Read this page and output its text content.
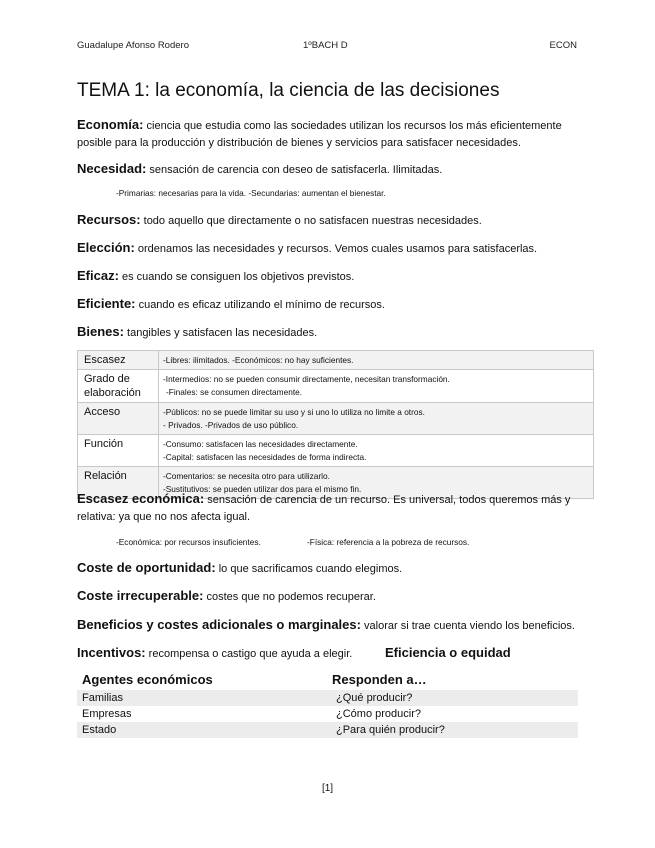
Guadalupe Afonso Rodero	1ºBACH D	ECON
TEMA 1: la economía, la ciencia de las decisiones
Economía: ciencia que estudia como las sociedades utilizan los recursos los más eficientemente posible para la producción y distribución de bienes y servicios para satisfacer necesidades.
Necesidad: sensación de carencia con deseo de satisfacerla. Ilimitadas.
-Primarias: necesarias para la vida. -Secundarias: aumentan el bienestar.
Recursos: todo aquello que directamente o no satisfacen nuestras necesidades.
Elección: ordenamos las necesidades y recursos. Vemos cuales usamos para satisfacerlas.
Eficaz: es cuando se consiguen los objetivos previstos.
Eficiente: cuando es eficaz utilizando el mínimo de recursos.
Bienes: tangibles y satisfacen las necesidades.
Escasez	-Libres: ilimitados. -Económicos: no hay suficientes.

Grado de elaboración	-Intermedios: no se pueden consumir directamente, necesitan transformación.
-Finales: se consumen directamente.

Acceso	-Públicos: no se puede limitar su uso y si uno lo utiliza no limite a otros.
- Privados. -Privados de uso público.

Función	-Consumo: satisfacen las necesidades directamente.
-Capital: satisfacen las necesidades de forma indirecta.

Relación	-Comentarios: se necesita otro para utilizarlo.
-Sustitutivos: se pueden utilizar dos para el mismo fin.
Escasez económica: sensación de carencia de un recurso. Es universal, todos queremos más y relativa: ya que no nos afecta igual.
-Económica: por recursos insuficientes.	-Física: referencia a la pobreza de recursos.
Coste de oportunidad: lo que sacrificamos cuando elegimos.
Coste irrecuperable: costes que no podemos recuperar.
Beneficios y costes adicionales o marginales: valorar si trae cuenta viendo los beneficios.
Incentivos: recompensa o castigo que ayuda a elegir.	Eficiencia o equidad
Agentes económicos	Responden a…
Familias	¿Qué producir?
Empresas	¿Cómo producir?
Estado	¿Para quién producir?
[1]
